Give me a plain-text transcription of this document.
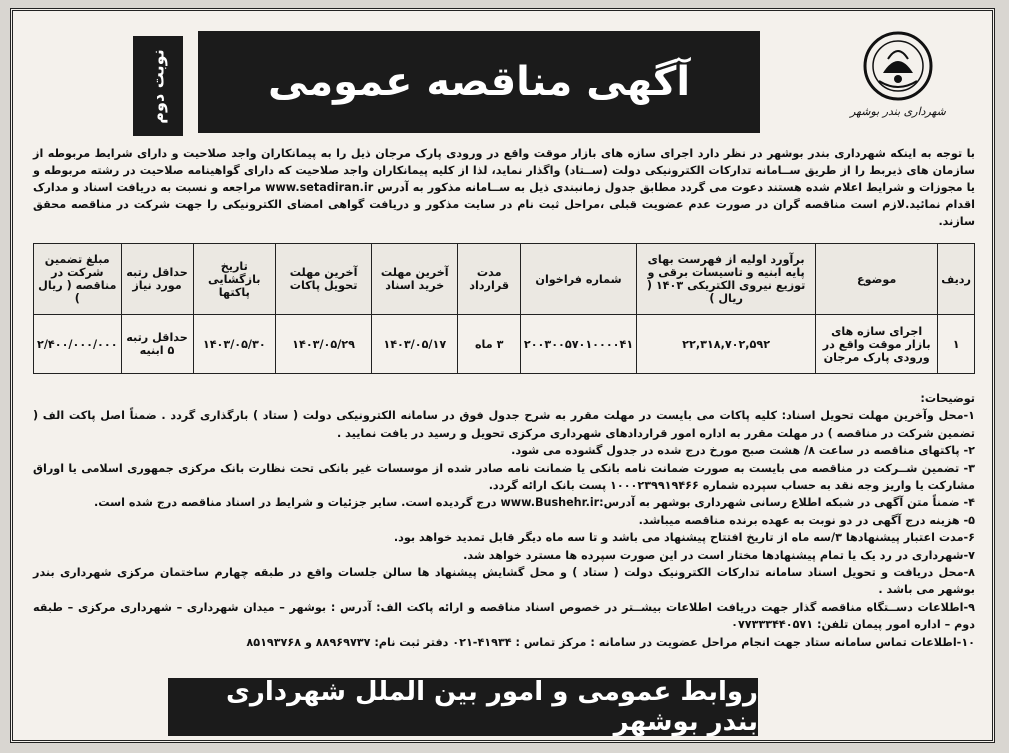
شهرداری بندر بوشهر
آگهی مناقصه عمومی
نوبت دوم
با توجه به اینکه شهرداری بندر بوشهر در نظر دارد اجرای سازه های بازار موقت واقع در ورودی پارک مرجان ذیل را به پیمانکاران واجد صلاحیت و دارای شرایط مربوطه از سازمان های ذیربط را از طریق ســامانه تدارکات الکترونیکی دولت (ســتاد) واگذار نماید، لذا از کلیه پیمانکاران واجد صلاحیت که دارای گواهینامه صلاحیت در رشته مربوطه و یا مجوزات و شرایط اعلام شده هستند دعوت می گردد مطابق جدول زمانبندی ذیل به ســامانه مذکور به آدرس www.setadiran.ir مراجعه و نسبت به دریافت اسناد و مدارک اقدام نمائید.لازم است مناقصه گران در صورت عدم عضویت قبلی ،مراحل ثبت نام در سایت مذکور و دریافت گواهی امضای الکترونیکی را جهت شرکت در مناقصه محقق سازند.
ردیف	موضوع	برآورد اولیه از فهرست بهای پایه ابنیه و تاسیسات برقی و توزیع نیروی الکتریکی ۱۴۰۳ ( ریال )	شماره فراخوان	مدت قرارداد	آخرین مهلت خرید اسناد	آخرین مهلت تحویل پاکات	تاریخ بازگشایی پاکتها	حداقل رتبه مورد نیاز	مبلغ تضمین شرکت در مناقصه ( ریال )
۱	اجرای سازه های بازار موقت واقع در ورودی پارک مرجان	۲۲,۳۱۸,۷۰۲,۵۹۲	۲۰۰۳۰۰۵۷۰۱۰۰۰۰۴۱	۳ ماه	۱۴۰۳/۰۵/۱۷	۱۴۰۳/۰۵/۲۹	۱۴۰۳/۰۵/۳۰	حداقل رتبه ۵ ابنیه	۲/۴۰۰/۰۰۰/۰۰۰

توضیحات:

۱-محل وآخرین مهلت تحویل اسناد: کلیه پاکات می بایست در مهلت مقرر به شرح جدول فوق در سامانه الکترونیکی دولت ( ستاد ) بارگذاری گردد . ضمناً اصل پاکت الف ( تضمین شرکت در مناقصه ) در مهلت مقرر به اداره امور قراردادهای شهرداری مرکزی تحویل و رسید در یافت نمایید .

۲- پاکتهای مناقصه در ساعت ۸/ هشت صبح مورخ درج شده در جدول گشوده می شود.

۳- تضمین شــرکت در مناقصه می بایست به صورت ضمانت نامه بانکی یا ضمانت نامه صادر شده از موسسات غیر بانکی تحت نظارت بانک مرکزی جمهوری اسلامی یا اوراق مشارکت یا واریز وجه نقد به حساب سپرده شماره ۱۰۰۰۲۳۹۹۱۹۴۶۶ پست بانک ارائه گردد.

۴- ضمناً متن آگهی در شبکه اطلاع رسانی شهرداری بوشهر به آدرس:www.Bushehr.ir درج گردیده است. سایر جزئیات و شرایط در اسناد مناقصه درج شده است.

۵- هزینه درج آگهی در دو نوبت به عهده برنده مناقصه میباشد.

۶-مدت اعتبار پیشنهادها ۳/سه ماه از تاریخ افتتاح پیشنهاد می باشد و تا سه ماه دیگر قابل تمدید خواهد بود.

۷-شهرداری در رد یک یا تمام پیشنهادها مختار است در این صورت سپرده ها مسترد خواهد شد.

۸-محل دریافت و تحویل اسناد سامانه تدارکات الکترونیک دولت ( ستاد ) و محل گشایش پیشنهاد ها سالن جلسات واقع در طبقه چهارم ساختمان مرکزی شهرداری بندر بوشهر می باشد .

۹-اطلاعات دســتگاه مناقصه گذار جهت دریافت اطلاعات بیشــتر در خصوص اسناد مناقصه و ارائه پاکت الف: آدرس : بوشهر – میدان شهرداری – شهرداری مرکزی – طبقه دوم – اداره امور پیمان تلفن: ۰۷۷۳۳۳۴۴۰۵۷۱

۱۰-اطلاعات تماس سامانه ستاد جهت انجام مراحل عضویت در سامانه : مرکز تماس : ۴۱۹۳۴-۰۲۱ دفتر ثبت نام: ۸۸۹۶۹۷۳۷ و ۸۵۱۹۳۷۶۸

روابط عمومی و امور بین الملل شهرداری بندر بوشهر
